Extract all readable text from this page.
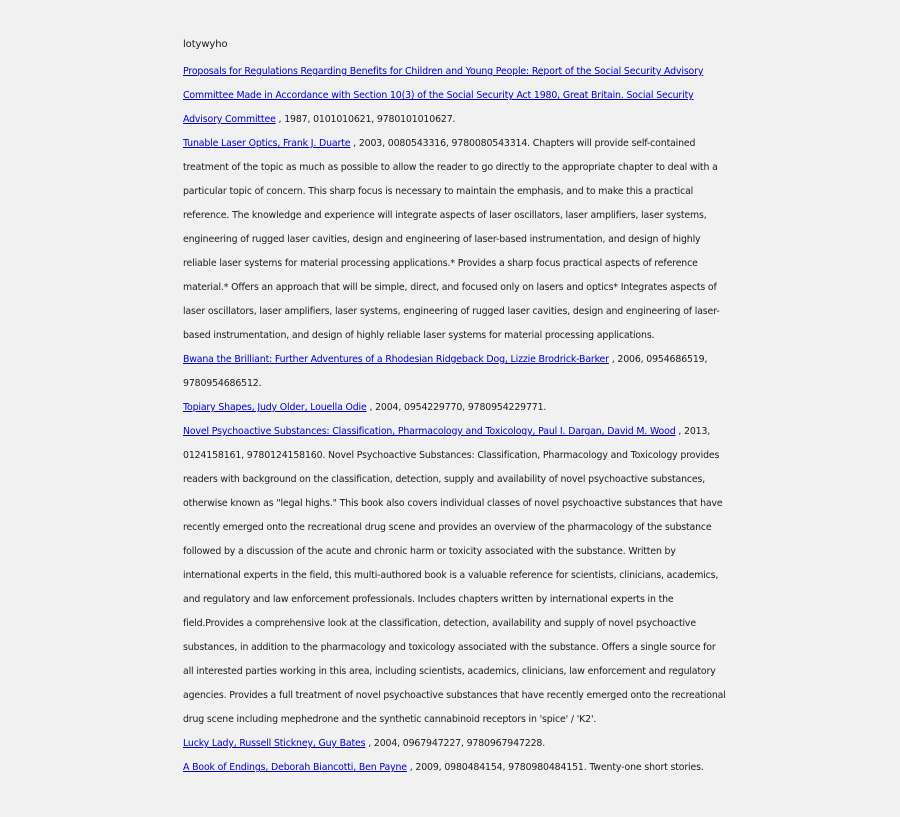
lotywyho

Proposals for Regulations Regarding Benefits for Children and Young People: Report of the Social Security Advisory Committee Made in Accordance with Section 10(3) of the Social Security Act 1980, Great Britain. Social Security Advisory Committee , 1987, 0101010621, 9780101010627.

Tunable Laser Optics, Frank J. Duarte , 2003, 0080543316, 9780080543314. Chapters will provide self-contained treatment of the topic as much as possible to allow the reader to go directly to the appropriate chapter to deal with a particular topic of concern. This sharp focus is necessary to maintain the emphasis, and to make this a practical reference. The knowledge and experience will integrate aspects of laser oscillators, laser amplifiers, laser systems, engineering of rugged laser cavities, design and engineering of laser-based instrumentation, and design of highly reliable laser systems for material processing applications.* Provides a sharp focus practical aspects of reference material.* Offers an approach that will be simple, direct, and focused only on lasers and optics* Integrates aspects of laser oscillators, laser amplifiers, laser systems, engineering of rugged laser cavities, design and engineering of laser-based instrumentation, and design of highly reliable laser systems for material processing applications.

Bwana the Brilliant: Further Adventures of a Rhodesian Ridgeback Dog, Lizzie Brodrick-Barker , 2006, 0954686519, 9780954686512.

Topiary Shapes, Judy Older, Louella Odie , 2004, 0954229770, 9780954229771.

Novel Psychoactive Substances: Classification, Pharmacology and Toxicology, Paul I. Dargan, David M. Wood , 2013, 0124158161, 9780124158160. Novel Psychoactive Substances: Classification, Pharmacology and Toxicology provides readers with background on the classification, detection, supply and availability of novel psychoactive substances, otherwise known as "legal highs." This book also covers individual classes of novel psychoactive substances that have recently emerged onto the recreational drug scene and provides an overview of the pharmacology of the substance followed by a discussion of the acute and chronic harm or toxicity associated with the substance. Written by international experts in the field, this multi-authored book is a valuable reference for scientists, clinicians, academics, and regulatory and law enforcement professionals. Includes chapters written by international experts in the field.Provides a comprehensive look at the classification, detection, availability and supply of novel psychoactive substances, in addition to the pharmacology and toxicology associated with the substance. Offers a single source for all interested parties working in this area, including scientists, academics, clinicians, law enforcement and regulatory agencies. Provides a full treatment of novel psychoactive substances that have recently emerged onto the recreational drug scene including mephedrone and the synthetic cannabinoid receptors in 'spice' / 'K2'.

Lucky Lady, Russell Stickney, Guy Bates , 2004, 0967947227, 9780967947228.

A Book of Endings, Deborah Biancotti, Ben Payne , 2009, 0980484154, 9780980484151. Twenty-one short stories.
